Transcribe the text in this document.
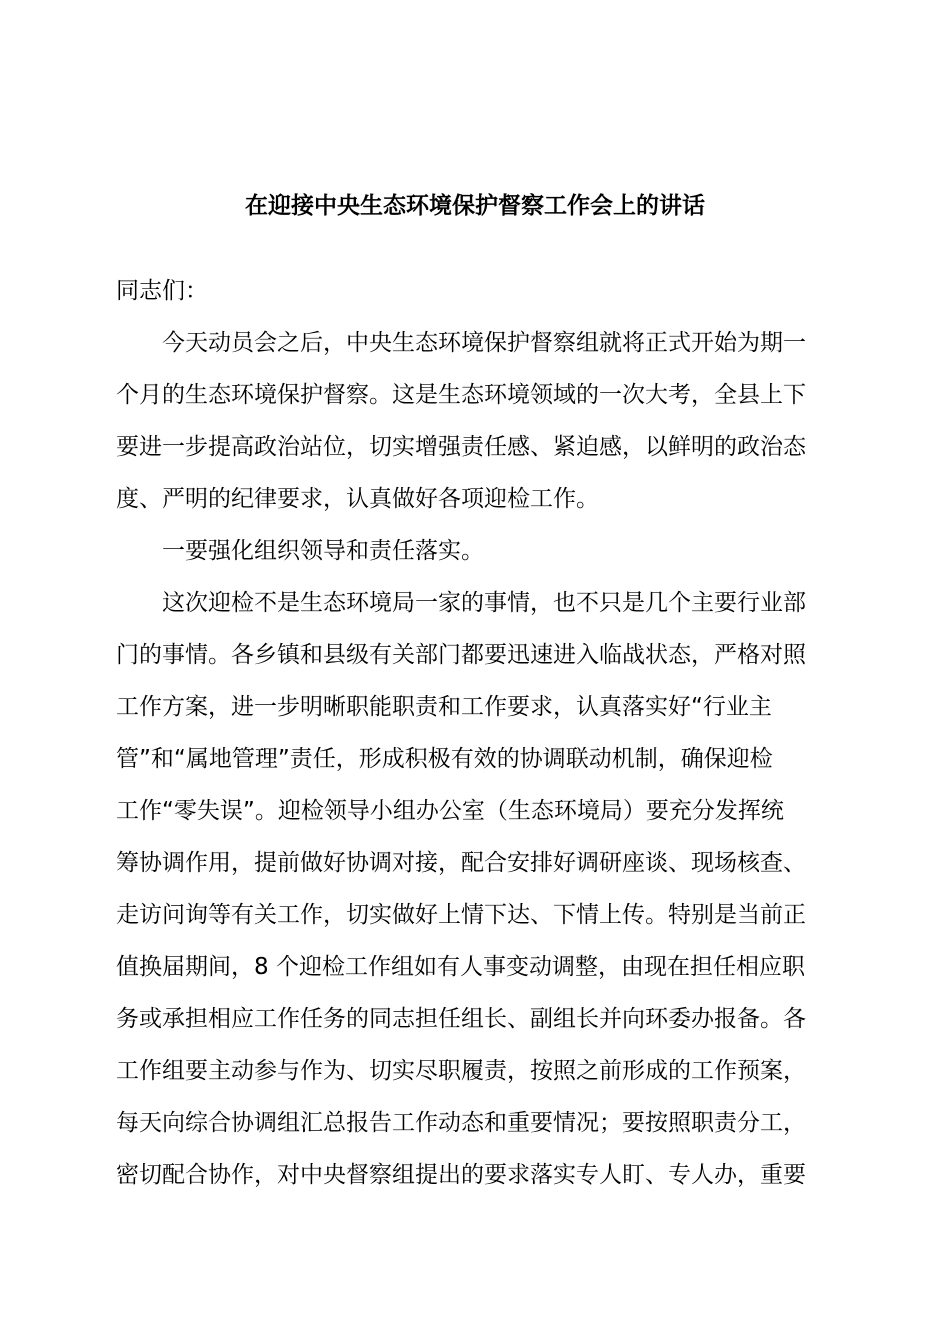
在迎接中央生态环境保护督察工作会上的讲话
同志们：
今天动员会之后，中央生态环境保护督察组就将正式开始为期一
个月的生态环境保护督察。这是生态环境领域的一次大考，全县上下
要进一步提高政治站位，切实增强责任感、紧迫感，以鲜明的政治态
度、严明的纪律要求，认真做好各项迎检工作。
一要强化组织领导和责任落实。
这次迎检不是生态环境局一家的事情，也不只是几个主要行业部
门的事情。各乡镇和县级有关部门都要迅速进入临战状态，严格对照
工作方案，进一步明晰职能职责和工作要求，认真落实好“行业主
管”和“属地管理”责任，形成积极有效的协调联动机制，确保迎检
工作“零失误”。迎检领导小组办公室（生态环境局）要充分发挥统
筹协调作用，提前做好协调对接，配合安排好调研座谈、现场核查、
走访问询等有关工作，切实做好上情下达、下情上传。特别是当前正
值换届期间，8 个迎检工作组如有人事变动调整，由现在担任相应职
务或承担相应工作任务的同志担任组长、副组长并向环委办报备。各
工作组要主动参与作为、切实尽职履责，按照之前形成的工作预案，
每天向综合协调组汇总报告工作动态和重要情况；要按照职责分工，
密切配合协作，对中央督察组提出的要求落实专人盯、专人办，重要
